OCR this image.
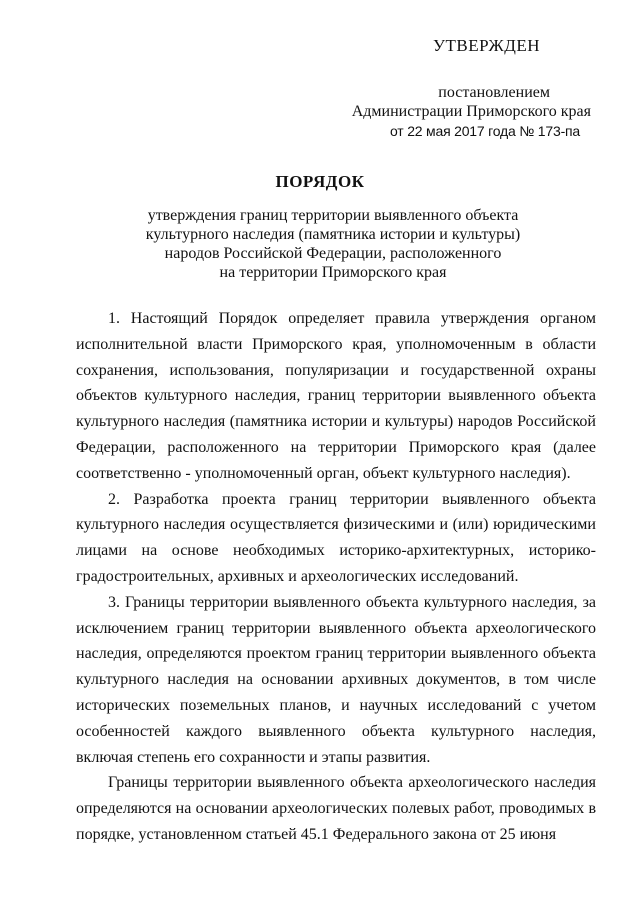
УТВЕРЖДЕН
постановлением
Администрации Приморского края
от 22 мая 2017 года № 173-па
ПОРЯДОК
утверждения границ территории выявленного объекта
культурного наследия (памятника истории и культуры)
народов Российской Федерации, расположенного
на территории Приморского края

1. Настоящий Порядок определяет правила утверждения органом исполнительной власти Приморского края, уполномоченным в области сохранения, использования, популяризации и государственной охраны объектов культурного наследия, границ территории выявленного объекта культурного наследия (памятника истории и культуры) народов Российской Федерации, расположенного на территории Приморского края (далее соответственно - уполномоченный орган, объект культурного наследия).

2. Разработка проекта границ территории выявленного объекта культурного наследия осуществляется физическими и (или) юридическими лицами на основе необходимых историко-архитектурных, историко-градостроительных, архивных и археологических исследований.

3. Границы территории выявленного объекта культурного наследия, за исключением границ территории выявленного объекта археологического наследия, определяются проектом границ территории выявленного объекта культурного наследия на основании архивных документов, в том числе исторических поземельных планов, и научных исследований с учетом особенностей каждого выявленного объекта культурного наследия, включая степень его сохранности и этапы развития.

Границы территории выявленного объекта археологического наследия определяются на основании археологических полевых работ, проводимых в порядке, установленном статьей 45.1 Федерального закона от 25 июня
